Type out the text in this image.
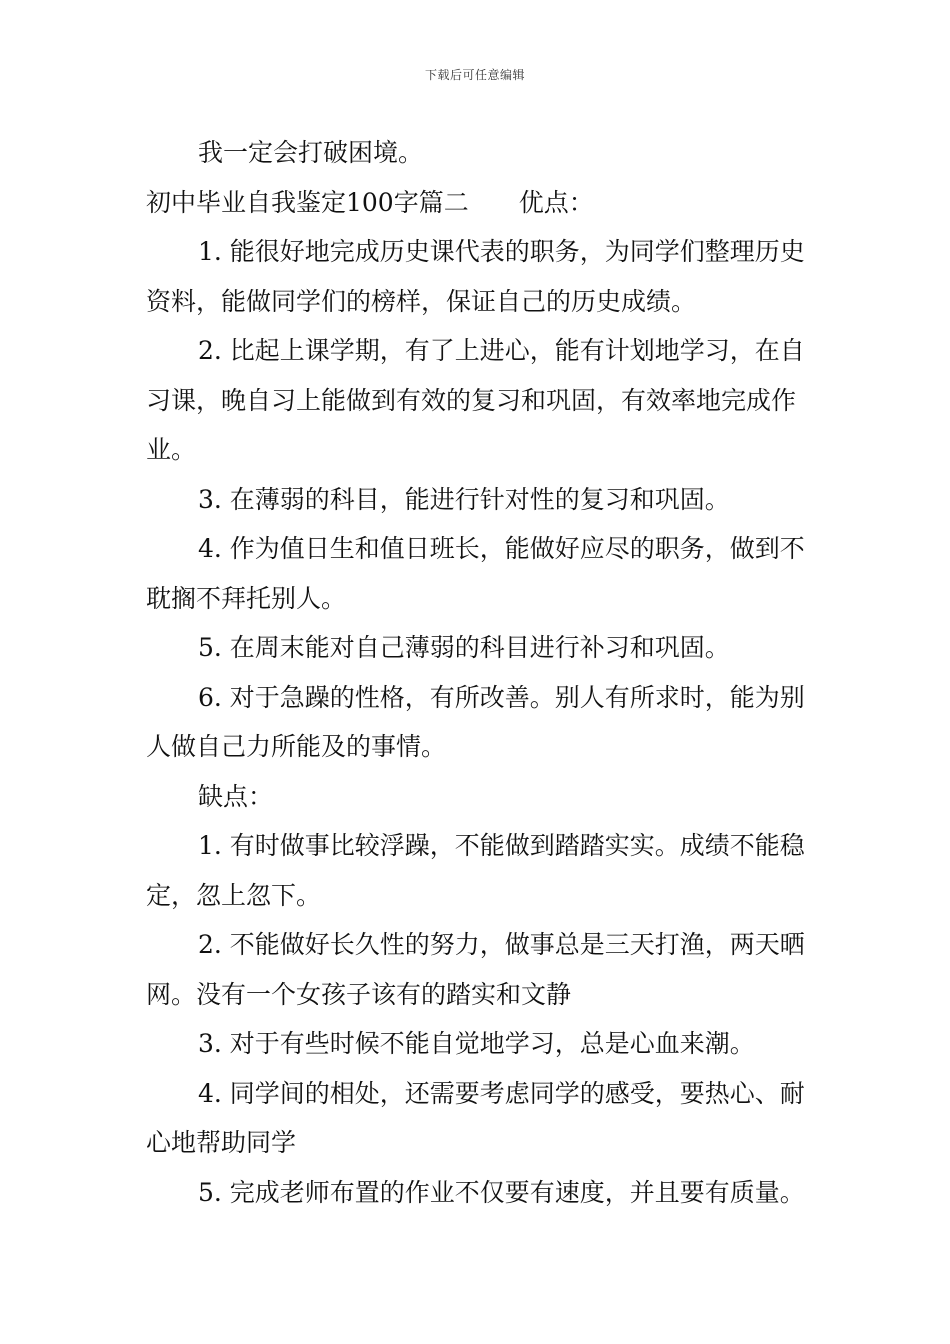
下载后可任意编辑

我一定会打破困境。

初中毕业自我鉴定100字篇二 优点：

1. 能很好地完成历史课代表的职务，为同学们整理历史资料，能做同学们的榜样，保证自己的历史成绩。

2. 比起上课学期，有了上进心，能有计划地学习，在自习课，晚自习上能做到有效的复习和巩固，有效率地完成作业。

3. 在薄弱的科目，能进行针对性的复习和巩固。

4. 作为值日生和值日班长，能做好应尽的职务，做到不耽搁不拜托别人。

5. 在周末能对自己薄弱的科目进行补习和巩固。

6. 对于急躁的性格，有所改善。别人有所求时，能为别人做自己力所能及的事情。

缺点：

1. 有时做事比较浮躁，不能做到踏踏实实。成绩不能稳定，忽上忽下。

2. 不能做好长久性的努力，做事总是三天打渔，两天晒网。没有一个女孩子该有的踏实和文静

3. 对于有些时候不能自觉地学习，总是心血来潮。

4. 同学间的相处，还需要考虑同学的感受，要热心、耐心地帮助同学

5. 完成老师布置的作业不仅要有速度，并且要有质量。
